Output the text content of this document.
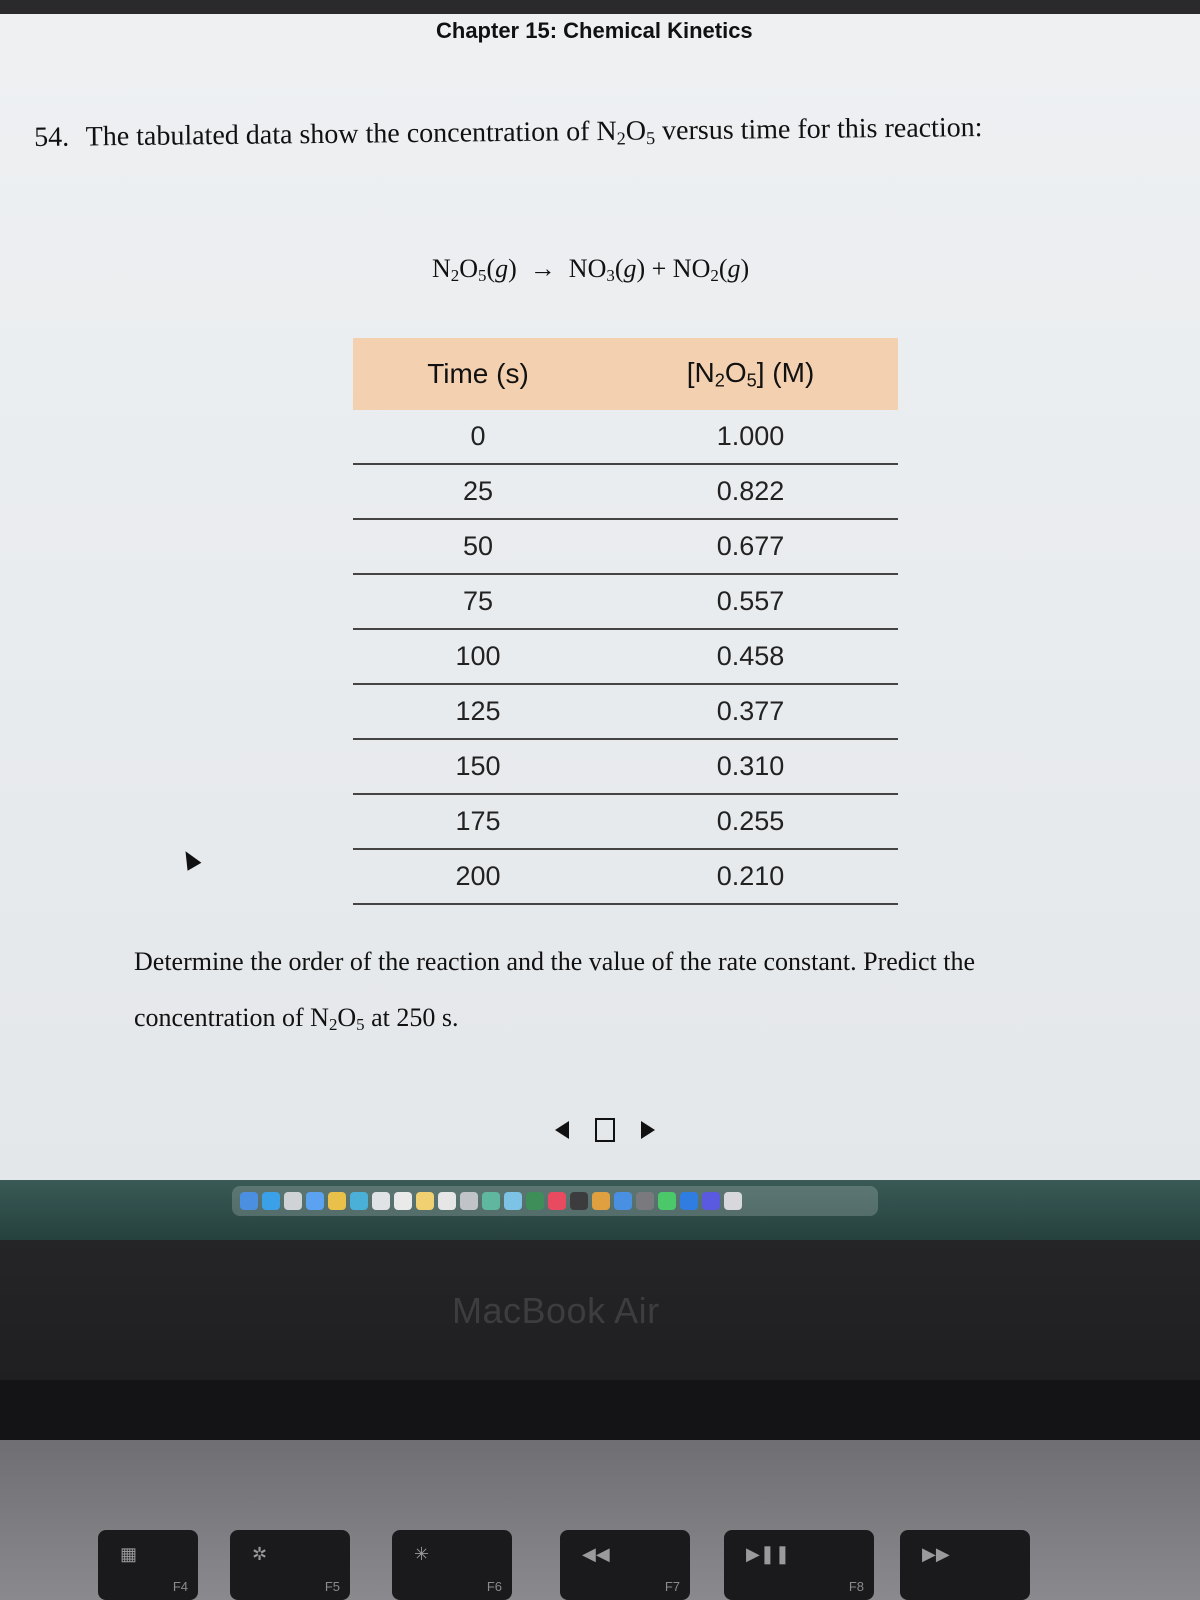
Chapter 15: Chemical Kinetics
54. The tabulated data show the concentration of $N_2O_5$ versus time for this reaction:
$N_2O_5(g) \to NO_3(g) + NO_2(g)$
Time (s)	$[N_2O_5]$ (M)
0	1.000
25	0.822
50	0.677
75	0.557
100	0.458
125	0.377
150	0.310
175	0.255
200	0.210
Determine the order of the reaction and the value of the rate constant. Predict the
concentration of $N_2O_5$ at 250 s.
MacBook Air
▦
F4
✲
F5
✳
F6
◀◀
F7
▶❚❚
F8
▶▶
